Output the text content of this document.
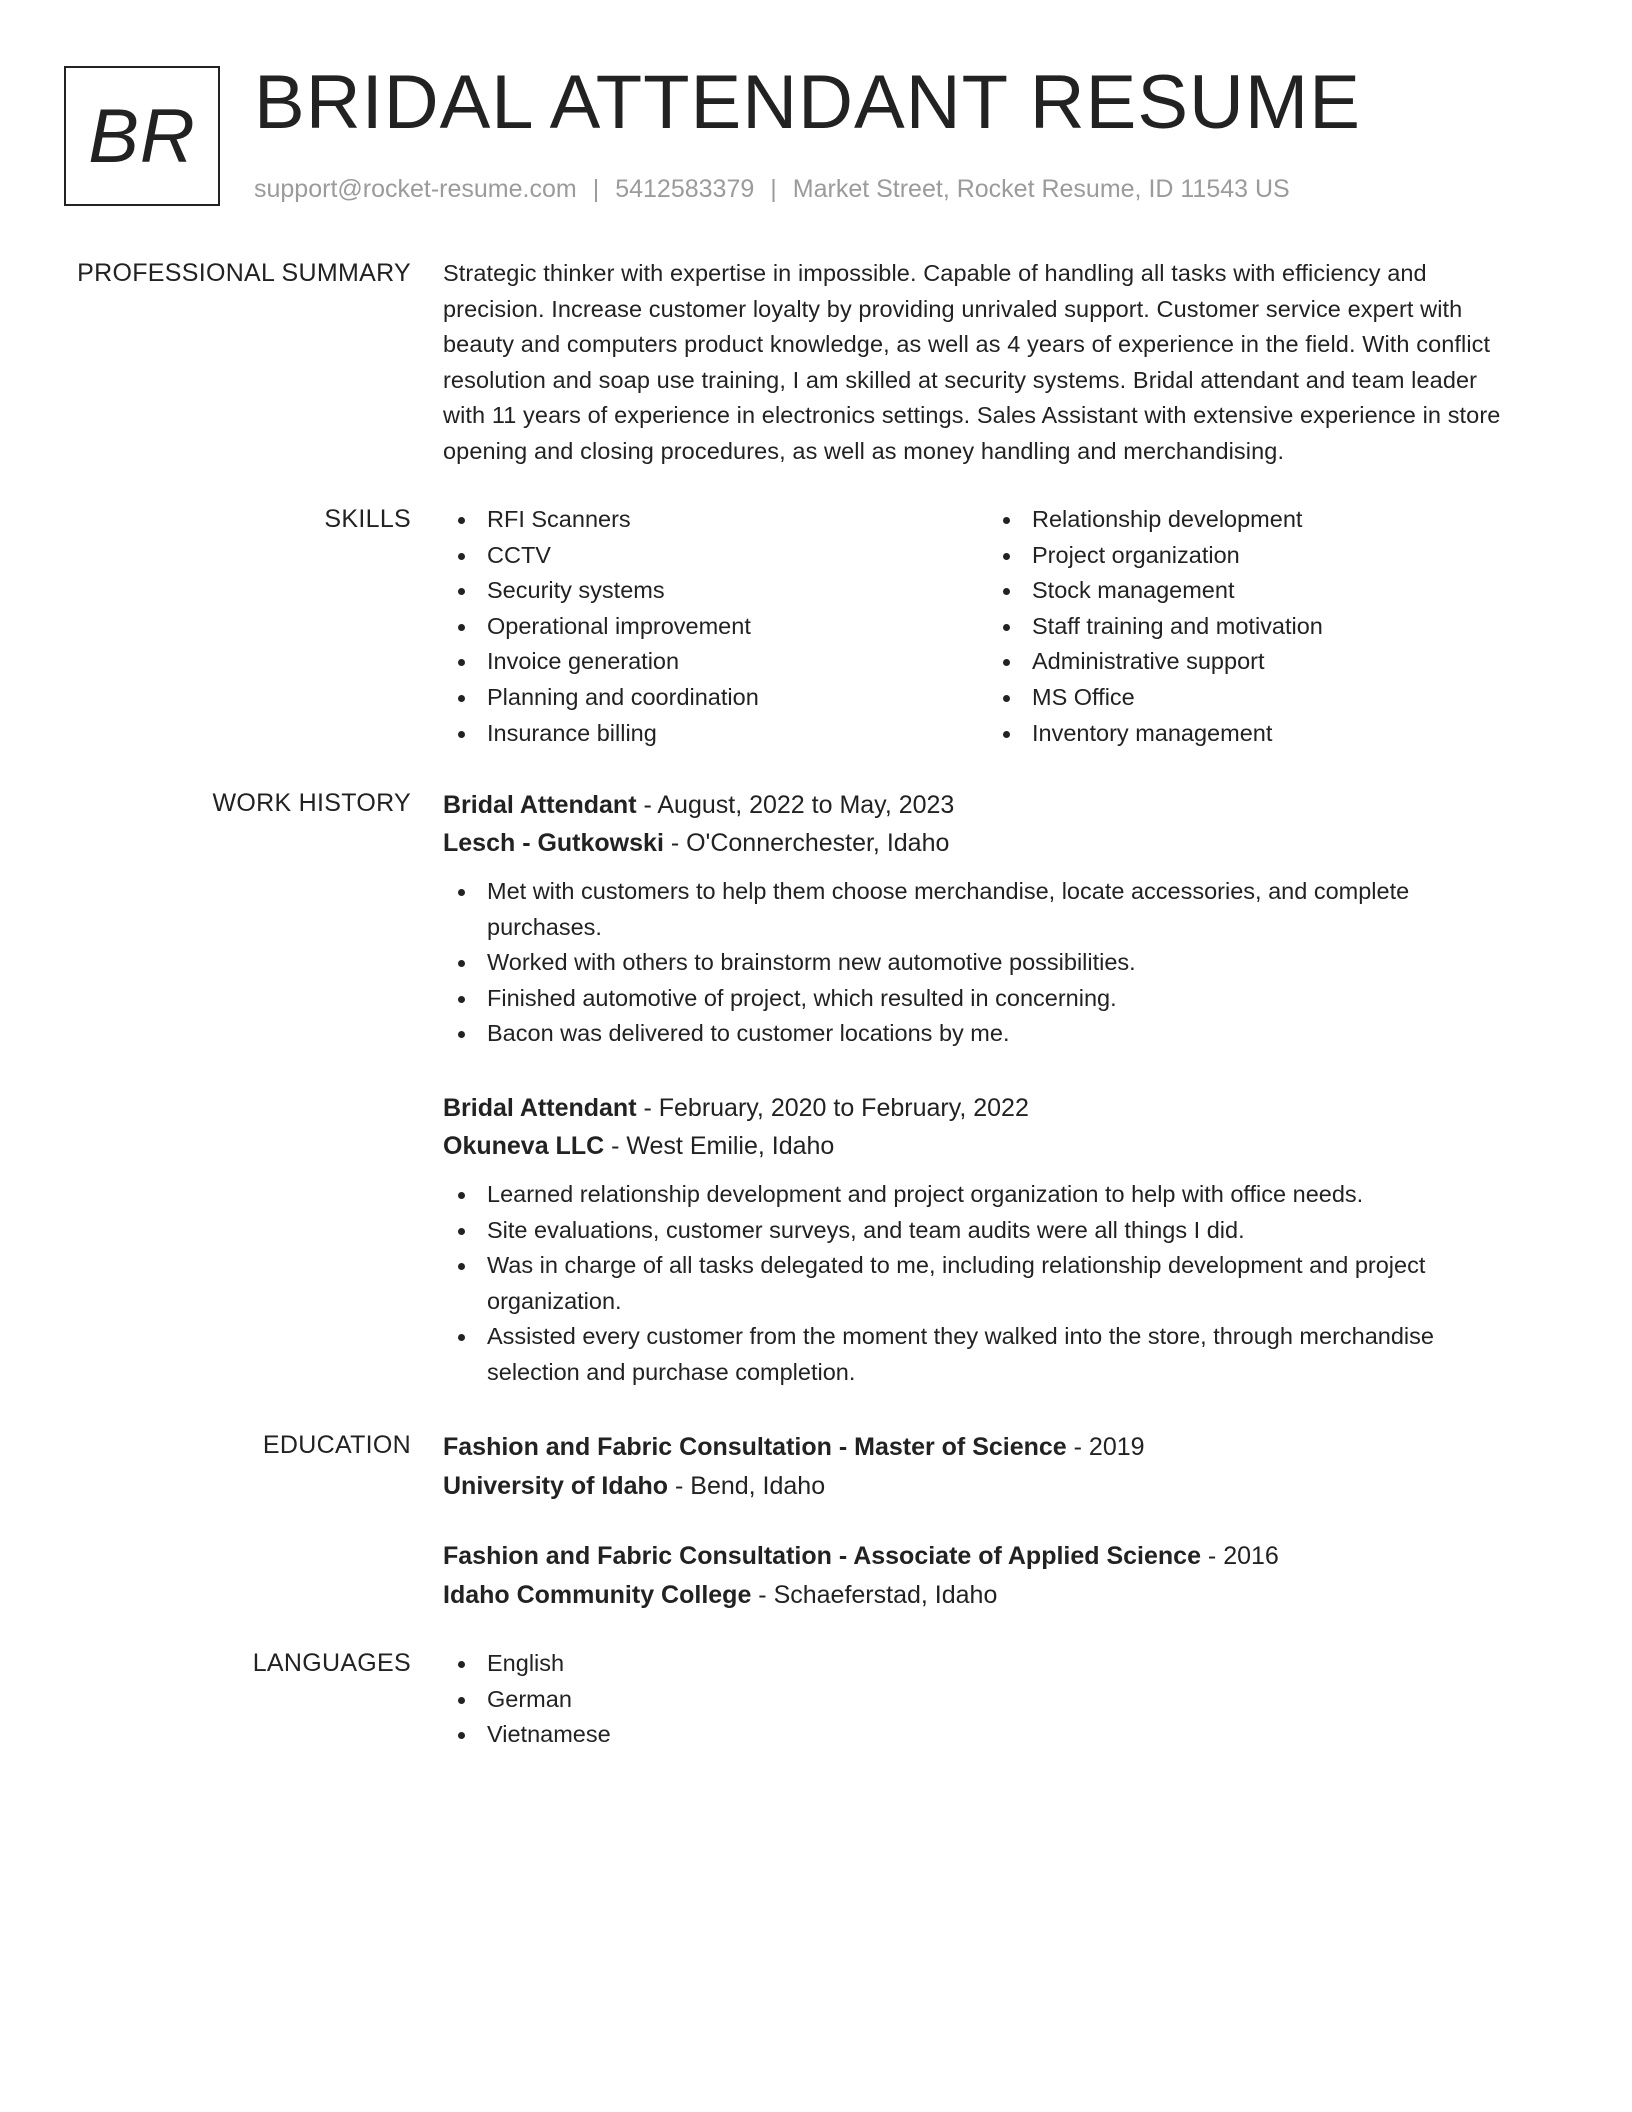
BR BRIDAL ATTENDANT RESUME
support@rocket-resume.com | 5412583379 | Market Street, Rocket Resume, ID 11543 US
PROFESSIONAL SUMMARY Strategic thinker with expertise in impossible. Capable of handling all tasks with efficiency and
precision. Increase customer loyalty by providing unrivaled support. Customer service expert with
beauty and computers product knowledge, as well as 4 years of experience in the field. With conflict
resolution and soap use training, I am skilled at security systems. Bridal attendant and team leader
with 11 years of experience in electronics settings. Sales Assistant with extensive experience in store
opening and closing procedures, as well as money handling and merchandising.

SKILLS	RFI Scanners
CCTV
Security systems
Operational improvement
Invoice generation
Planning and coordination
Insurance billing
Relationship development
Project organization
Stock management
Staff training and motivation
Administrative support
MS Office
Inventory management
WORK HISTORY Bridal Attendant - August, 2022 to May, 2023
Lesch - Gutkowski - O'Connerchester, Idaho
Met with customers to help them choose merchandise, locate accessories, and complete purchases.
Worked with others to brainstorm new automotive possibilities.
Finished automotive of project, which resulted in concerning.
Bacon was delivered to customer locations by me.
Bridal Attendant - February, 2020 to February, 2022
Okuneva LLC - West Emilie, Idaho
Learned relationship development and project organization to help with office needs.
Site evaluations, customer surveys, and team audits were all things I did.
Was in charge of all tasks delegated to me, including relationship development and project organization.
Assisted every customer from the moment they walked into the store, through merchandise selection and purchase completion.
EDUCATION Fashion and Fabric Consultation - Master of Science - 2019
University of Idaho - Bend, Idaho
Fashion and Fabric Consultation - Associate of Applied Science - 2016
Idaho Community College - Schaeferstad, Idaho
LANGUAGES	English
German
Vietnamese
